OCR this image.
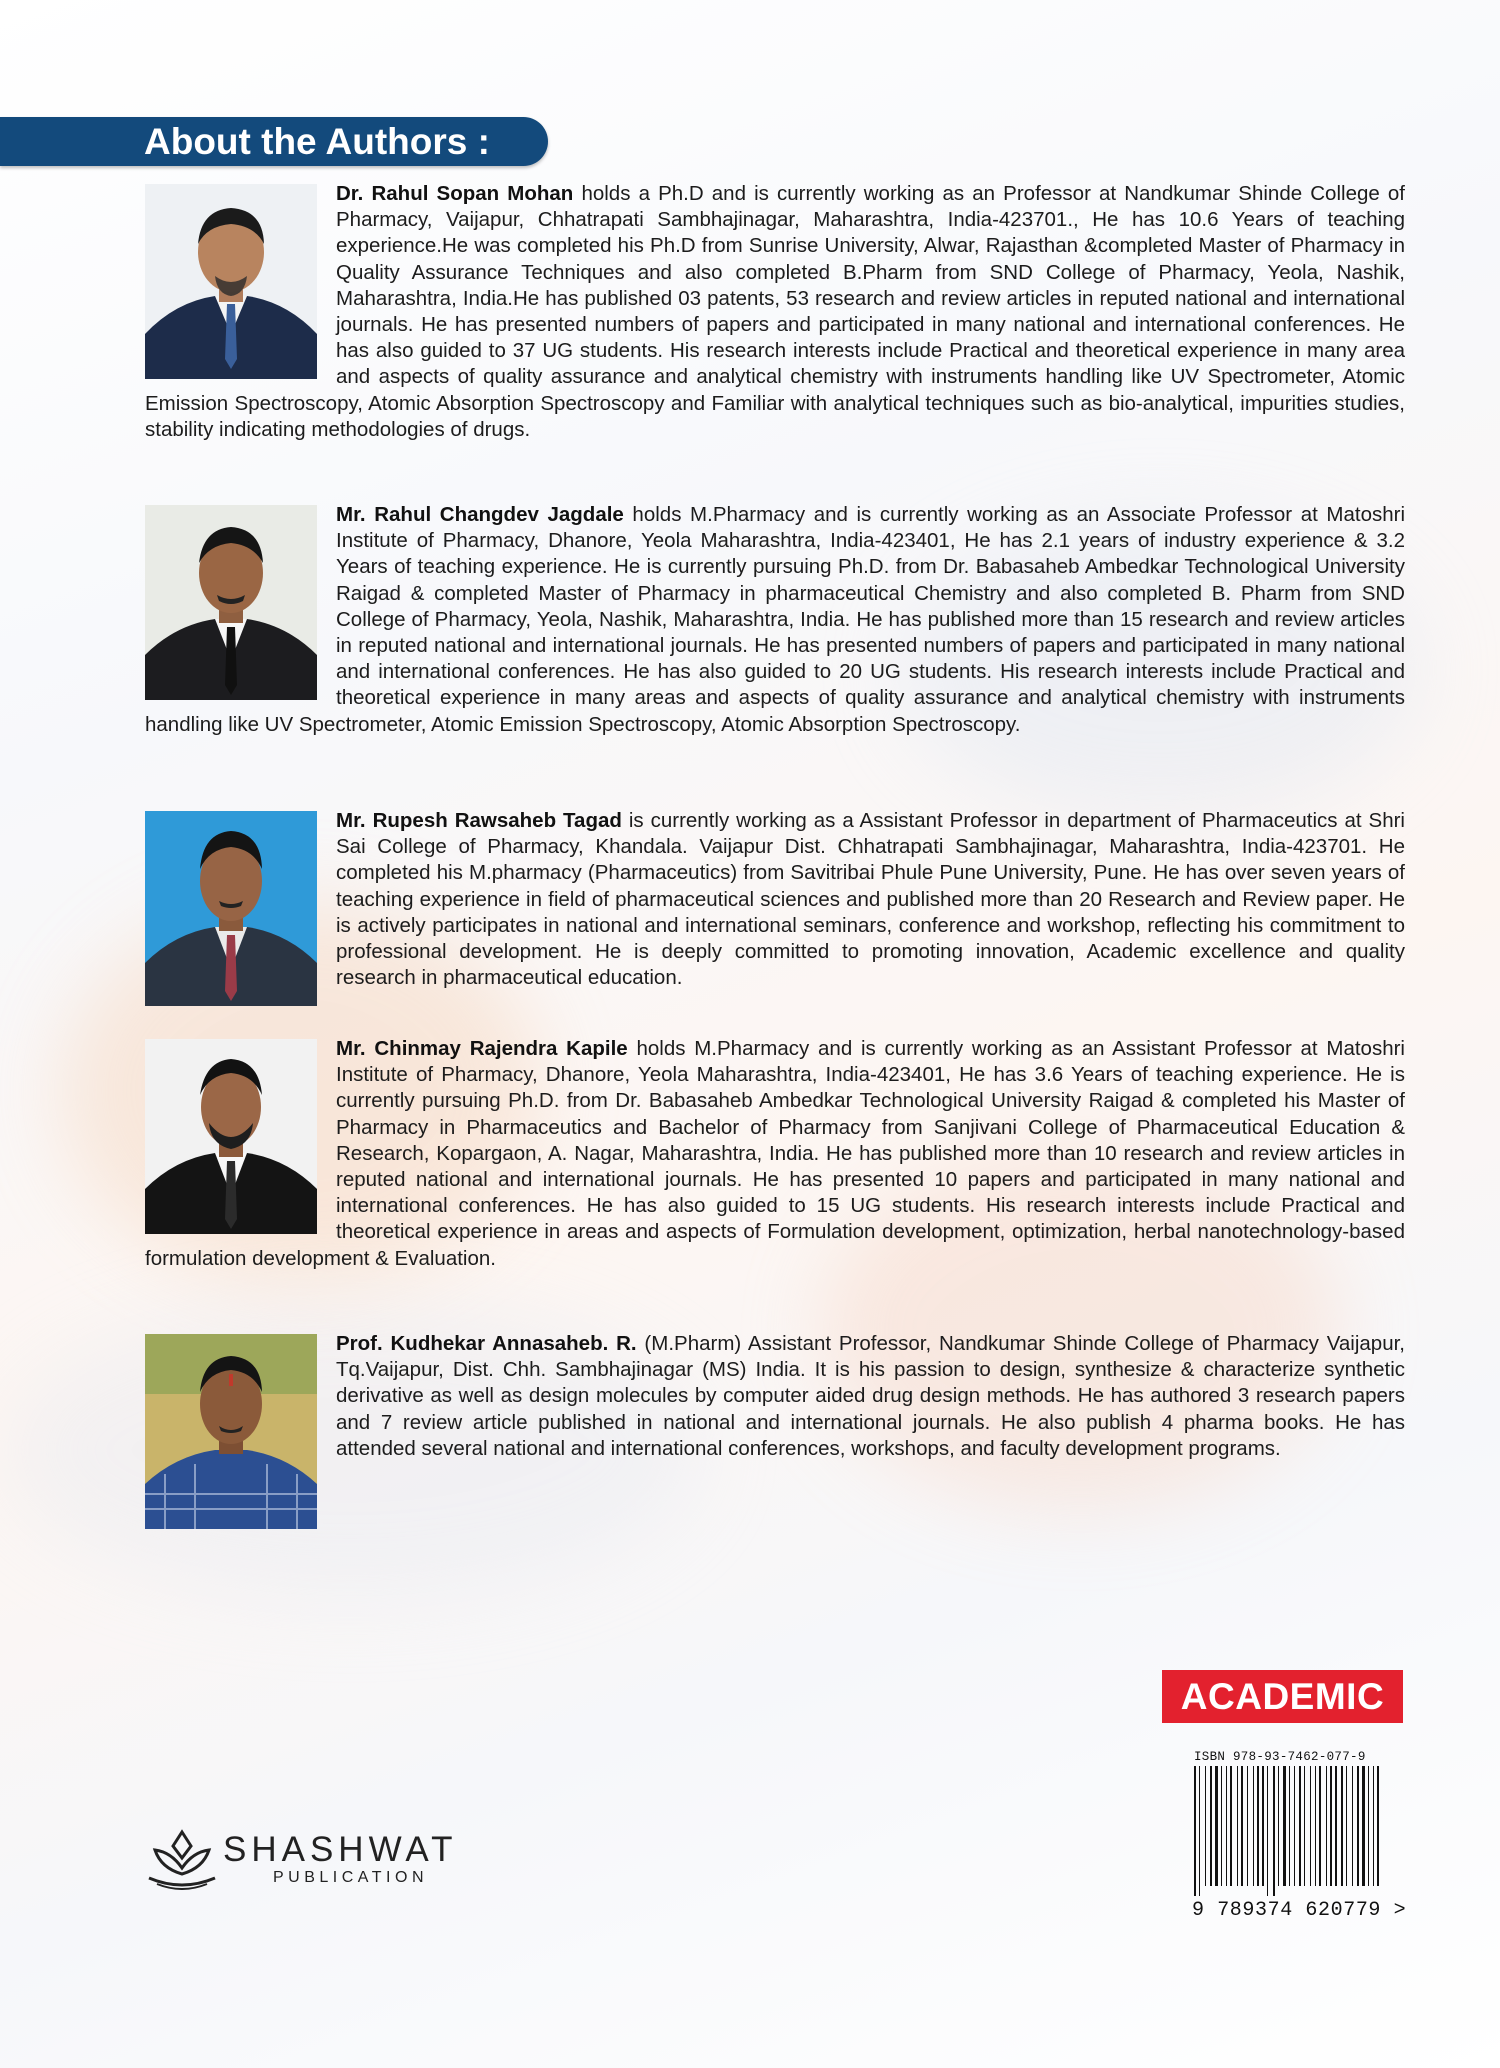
About the Authors :

Dr. Rahul Sopan Mohan holds a Ph.D and is currently working as an Professor at Nandkumar Shinde College of Pharmacy, Vaijapur, Chhatrapati Sambhajinagar, Maharashtra, India-423701., He has 10.6 Years of teaching experience.He was completed his Ph.D from Sunrise University, Alwar, Rajasthan &completed Master of Pharmacy in Quality Assurance Techniques and also completed B.Pharm from SND College of Pharmacy, Yeola, Nashik, Maharashtra, India.He has published 03 patents, 53 research and review articles in reputed national and international journals. He has presented numbers of papers and participated in many national and international conferences. He has also guided to 37 UG students. His research interests include Practical and theoretical experience in many area and aspects of quality assurance and analytical chemistry with instruments handling like UV Spectrometer, Atomic Emission Spectroscopy, Atomic Absorption Spectroscopy and Familiar with analytical techniques such as bio-analytical, impurities studies, stability indicating methodologies of drugs.

Mr. Rahul Changdev Jagdale holds M.Pharmacy and is currently working as an Associate Professor at Matoshri Institute of Pharmacy, Dhanore, Yeola Maharashtra, India-423401, He has 2.1 years of industry experience & 3.2 Years of teaching experience. He is currently pursuing Ph.D. from Dr. Babasaheb Ambedkar Technological University Raigad & completed Master of Pharmacy in pharmaceutical Chemistry and also completed B. Pharm from SND College of Pharmacy, Yeola, Nashik, Maharashtra, India. He has published more than 15 research and review articles in reputed national and international journals. He has presented numbers of papers and participated in many national and international conferences. He has also guided to 20 UG students. His research interests include Practical and theoretical experience in many areas and aspects of quality assurance and analytical chemistry with instruments handling like UV Spectrometer, Atomic Emission Spectroscopy, Atomic Absorption Spectroscopy.

Mr. Rupesh Rawsaheb Tagad is currently working as a Assistant Professor in department of Pharmaceutics at Shri Sai College of Pharmacy, Khandala. Vaijapur Dist. Chhatrapati Sambhajinagar, Maharashtra, India-423701. He completed his M.pharmacy (Pharmaceutics) from Savitribai Phule Pune University, Pune. He has over seven years of teaching experience in field of pharmaceutical sciences and published more than 20 Research and Review paper. He is actively participates in national and international seminars, conference and workshop, reflecting his commitment to professional development. He is deeply committed to promoting innovation, Academic excellence and quality research in pharmaceutical education.

Mr. Chinmay Rajendra Kapile holds M.Pharmacy and is currently working as an Assistant Professor at Matoshri Institute of Pharmacy, Dhanore, Yeola Maharashtra, India-423401, He has 3.6 Years of teaching experience. He is currently pursuing Ph.D. from Dr. Babasaheb Ambedkar Technological University Raigad & completed his Master of Pharmacy in Pharmaceutics and Bachelor of Pharmacy from Sanjivani College of Pharmaceutical Education & Research, Kopargaon, A. Nagar, Maharashtra, India. He has published more than 10 research and review articles in reputed national and international journals. He has presented 10 papers and participated in many national and international conferences. He has also guided to 15 UG students. His research interests include Practical and theoretical experience in areas and aspects of Formulation development, optimization, herbal nanotechnology-based formulation development & Evaluation.

Prof. Kudhekar Annasaheb. R. (M.Pharm) Assistant Professor, Nandkumar Shinde College of Pharmacy Vaijapur, Tq.Vaijapur, Dist. Chh. Sambhajinagar (MS) India. It is his passion to design, synthesize & characterize synthetic derivative as well as design molecules by computer aided drug design methods. He has authored 3 research papers and 7 review article published in national and international journals. He also publish 4 pharma books. He has attended several national and international conferences, workshops, and faculty development programs.

ACADEMIC
ISBN 978-93-7462-077-9
9 789374 620779 >
SHASHWAT
PUBLICATION
